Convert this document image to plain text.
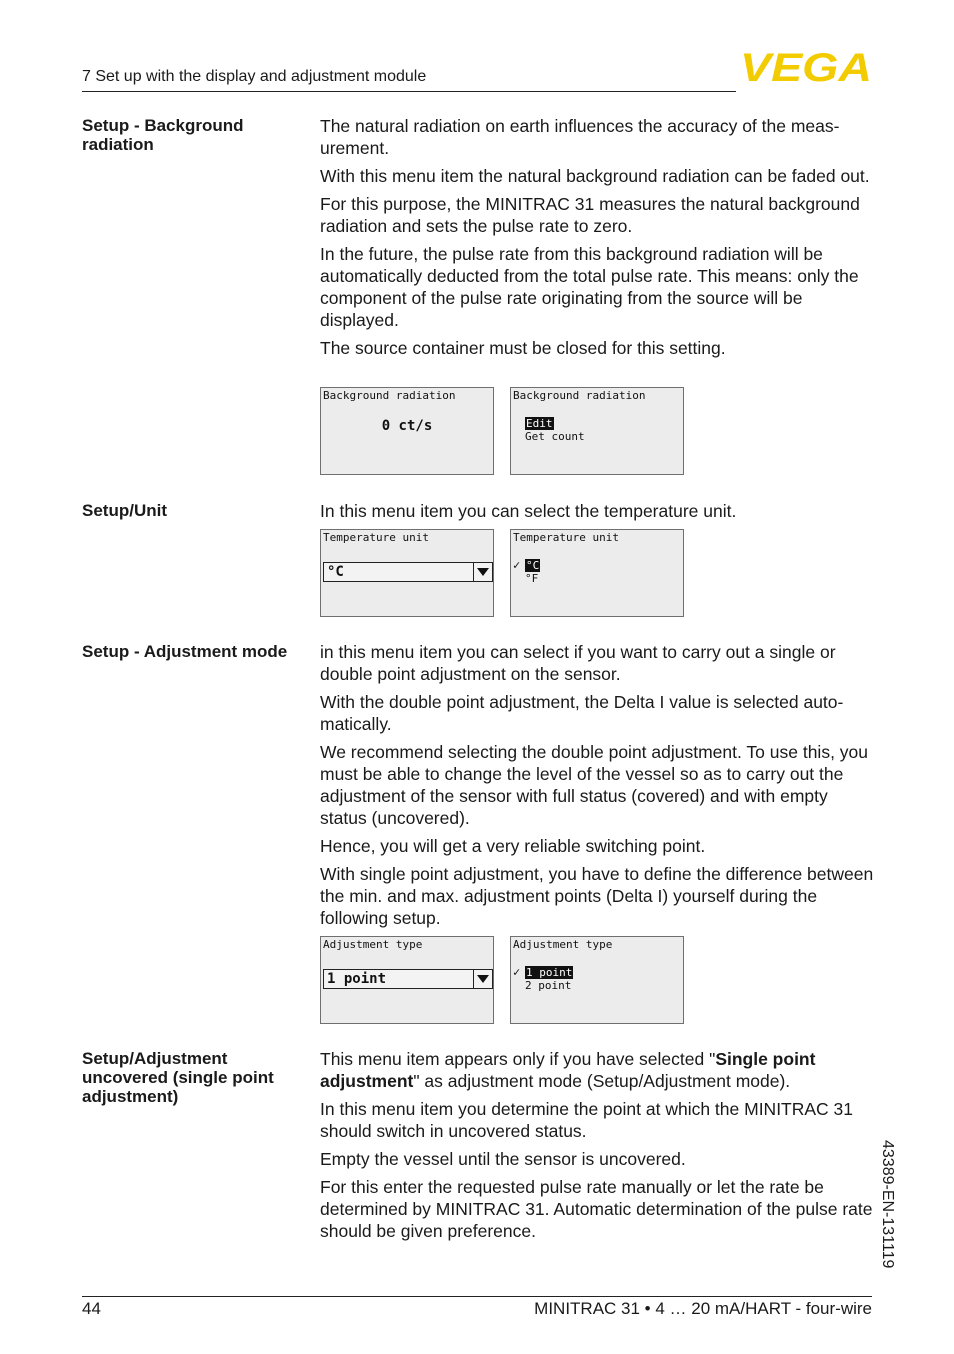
7 Set up with the display and adjustment module	VEGA
Setup - Background radiation

The natural radiation on earth influences the accuracy of the meas-urement.

With this menu item the natural background radiation can be faded out.

For this purpose, the MINITRAC 31 measures the natural background radiation and sets the pulse rate to zero.

In the future, the pulse rate from this background radiation will be automatically deducted from the total pulse rate. This means: only the component of the pulse rate originating from the source will be displayed.

The source container must be closed for this setting.

Background radiation
0 ct/s
Background radiation
Edit
Get count
Setup/Unit	In this menu item you can select the temperature unit.

Temperature unit
°C
Temperature unit
✓ °C
°F
Setup - Adjustment mode	in this menu item you can select if you want to carry out a single or double point adjustment on the sensor.

With the double point adjustment, the Delta I value is selected auto-matically.

We recommend selecting the double point adjustment. To use this, you must be able to change the level of the vessel so as to carry out the adjustment of the sensor with full status (covered) and with empty status (uncovered).

Hence, you will get a very reliable switching point.

With single point adjustment, you have to define the difference between the min. and max. adjustment points (Delta I) yourself during the following setup.

Adjustment type
1 point
Adjustment type
✓ 1 point
2 point
Setup/Adjustment uncovered (single point adjustment)

This menu item appears only if you have selected "Single point adjustment" as adjustment mode (Setup/Adjustment mode).

In this menu item you determine the point at which the MINITRAC 31 should switch in uncovered status.

Empty the vessel until the sensor is uncovered.

For this enter the requested pulse rate manually or let the rate be determined by MINITRAC 31. Automatic determination of the pulse rate should be given preference.	43389-EN-131119
44	MINITRAC 31 • 4 … 20 mA/HART - four-wire
